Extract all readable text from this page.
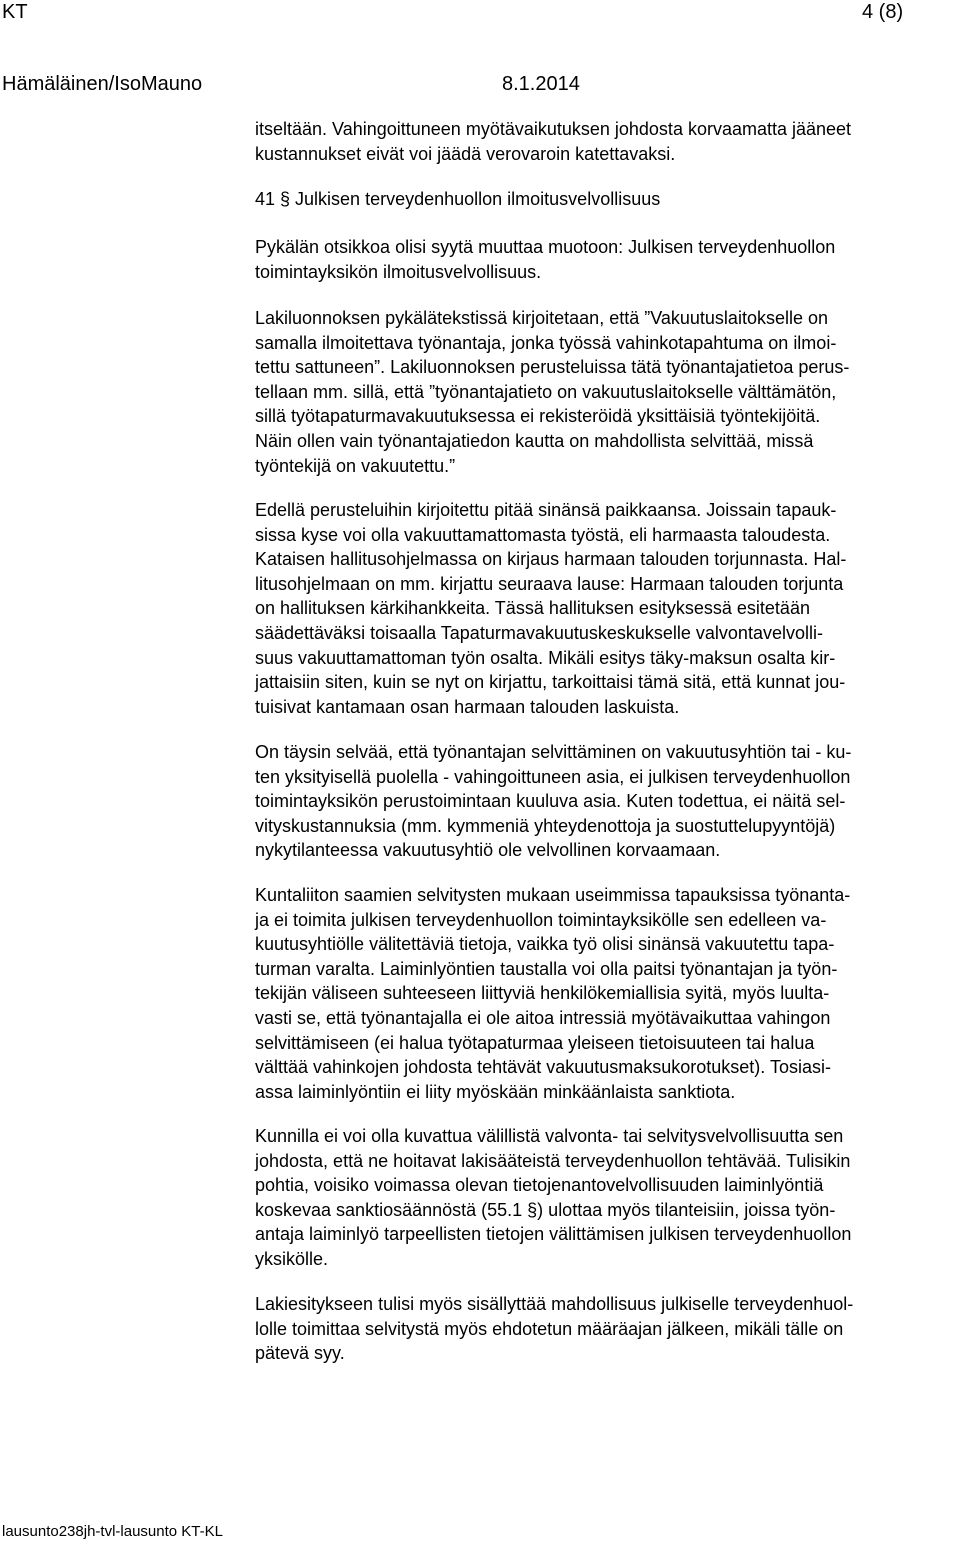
KT	4 (8)
Hämäläinen/IsoMauno	8.1.2014

itseltään. Vahingoittuneen myötävaikutuksen johdosta korvaamatta jääneet
kustannukset eivät voi jäädä verovaroin katettavaksi.

41 § Julkisen terveydenhuollon ilmoitusvelvollisuus

Pykälän otsikkoa olisi syytä muuttaa muotoon: Julkisen terveydenhuollon
toimintayksikön ilmoitusvelvollisuus.

Lakiluonnoksen pykälätekstissä kirjoitetaan, että ”Vakuutuslaitokselle on
samalla ilmoitettava työnantaja, jonka työssä vahinkotapahtuma on ilmoi-
tettu sattuneen”. Lakiluonnoksen perusteluissa tätä työnantajatietoa perus-
tellaan mm. sillä, että ”työnantajatieto on vakuutuslaitokselle välttämätön,
sillä työtapaturmavakuutuksessa ei rekisteröidä yksittäisiä työntekijöitä.
Näin ollen vain työnantajatiedon kautta on mahdollista selvittää, missä
työntekijä on vakuutettu.”

Edellä perusteluihin kirjoitettu pitää sinänsä paikkaansa. Joissain tapauk-
sissa kyse voi olla vakuuttamattomasta työstä, eli harmaasta taloudesta.
Kataisen hallitusohjelmassa on kirjaus harmaan talouden torjunnasta. Hal-
litusohjelmaan on mm. kirjattu seuraava lause: Harmaan talouden torjunta
on hallituksen kärkihankkeita. Tässä hallituksen esityksessä esitetään
säädettäväksi toisaalla Tapaturmavakuutuskeskukselle valvontavelvolli-
suus vakuuttamattoman työn osalta. Mikäli esitys täky-maksun osalta kir-
jattaisiin siten, kuin se nyt on kirjattu, tarkoittaisi tämä sitä, että kunnat jou-
tuisivat kantamaan osan harmaan talouden laskuista.

On täysin selvää, että työnantajan selvittäminen on vakuutusyhtiön tai - ku-
ten yksityisellä puolella - vahingoittuneen asia, ei julkisen terveydenhuollon
toimintayksikön perustoimintaan kuuluva asia. Kuten todettua, ei näitä sel-
vityskustannuksia (mm. kymmeniä yhteydenottoja ja suostuttelupyyntöjä)
nykytilanteessa vakuutusyhtiö ole velvollinen korvaamaan.

Kuntaliiton saamien selvitysten mukaan useimmissa tapauksissa työnanta-
ja ei toimita julkisen terveydenhuollon toimintayksikölle sen edelleen va-
kuutusyhtiölle välitettäviä tietoja, vaikka työ olisi sinänsä vakuutettu tapa-
turman varalta. Laiminlyöntien taustalla voi olla paitsi työnantajan ja työn-
tekijän väliseen suhteeseen liittyviä henkilökemiallisia syitä, myös luulta-
vasti se, että työnantajalla ei ole aitoa intressiä myötävaikuttaa vahingon
selvittämiseen (ei halua työtapaturmaa yleiseen tietoisuuteen tai halua
välttää vahinkojen johdosta tehtävät vakuutusmaksukorotukset). Tosiasi-
assa laiminlyöntiin ei liity myöskään minkäänlaista sanktiota.

Kunnilla ei voi olla kuvattua välillistä valvonta- tai selvitysvelvollisuutta sen
johdosta, että ne hoitavat lakisääteistä terveydenhuollon tehtävää. Tulisikin
pohtia, voisiko voimassa olevan tietojenantovelvollisuuden laiminlyöntiä
koskevaa sanktiosäännöstä (55.1 §) ulottaa myös tilanteisiin, joissa työn-
antaja laiminlyö tarpeellisten tietojen välittämisen julkisen terveydenhuollon
yksikölle.

Lakiesitykseen tulisi myös sisällyttää mahdollisuus julkiselle terveydenhuol-
lolle toimittaa selvitystä myös ehdotetun määräajan jälkeen, mikäli tälle on
pätevä syy.

lausunto238jh-tvl-lausunto KT-KL
